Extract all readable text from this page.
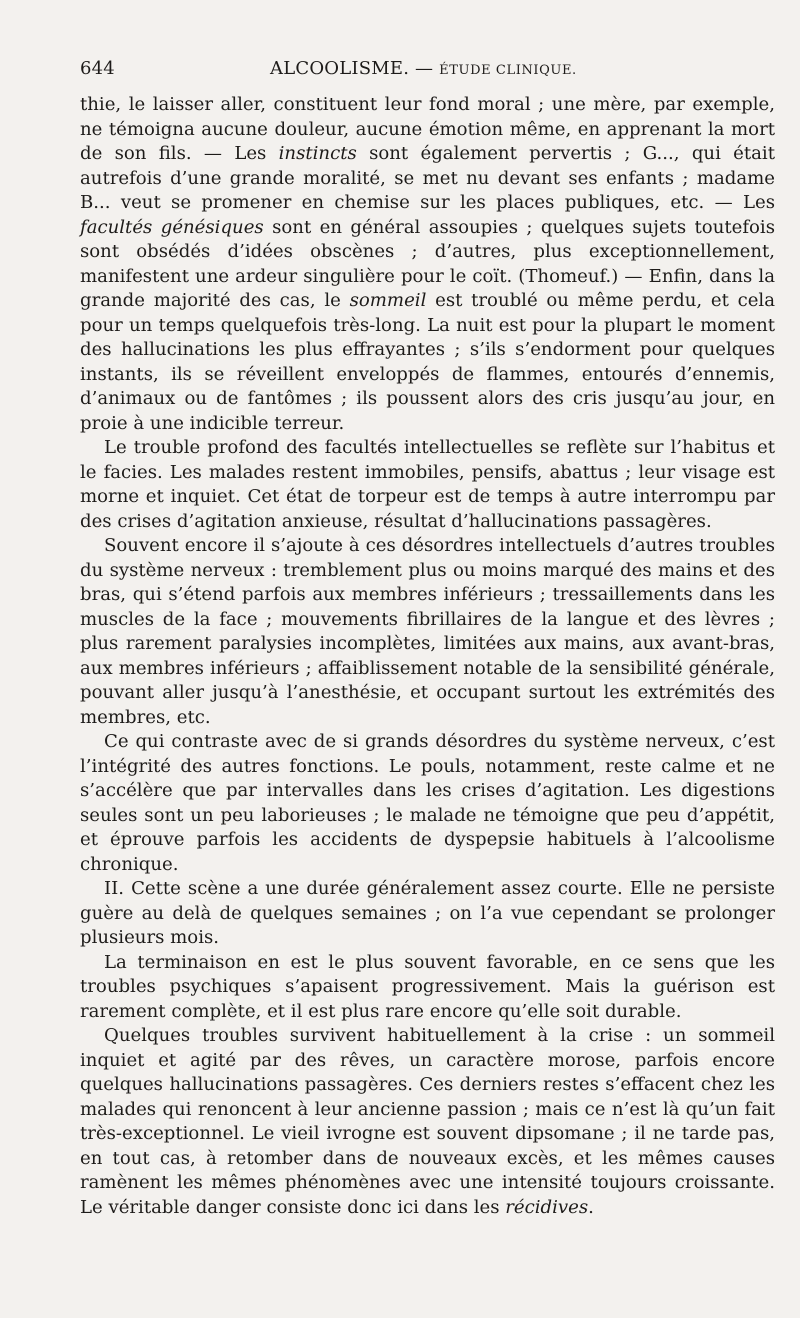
644	ALCOOLISME. — ÉTUDE CLINIQUE.

thie, le laisser aller, constituent leur fond moral ; une mère, par exemple, ne témoigna aucune douleur, aucune émotion même, en apprenant la mort de son fils. — Les instincts sont également pervertis ; G..., qui était autrefois d’une grande moralité, se met nu devant ses enfants ; madame B... veut se promener en chemise sur les places publiques, etc. — Les facultés génésiques sont en général assoupies ; quelques sujets toutefois sont obsédés d’idées obscènes ; d’autres, plus exceptionnellement, manifestent une ardeur singulière pour le coït. (Thomeuf.) — Enfin, dans la grande majorité des cas, le sommeil est troublé ou même perdu, et cela pour un temps quelquefois très-long. La nuit est pour la plupart le moment des hallucinations les plus effrayantes ; s’ils s’endorment pour quelques instants, ils se réveillent enveloppés de flammes, entourés d’ennemis, d’animaux ou de fantômes ; ils poussent alors des cris jusqu’au jour, en proie à une indicible terreur.

Le trouble profond des facultés intellectuelles se reflète sur l’habitus et le facies. Les malades restent immobiles, pensifs, abattus ; leur visage est morne et inquiet. Cet état de torpeur est de temps à autre interrompu par des crises d’agitation anxieuse, résultat d’hallucinations passagères.

Souvent encore il s’ajoute à ces désordres intellectuels d’autres troubles du système nerveux : tremblement plus ou moins marqué des mains et des bras, qui s’étend parfois aux membres inférieurs ; tressaillements dans les muscles de la face ; mouvements fibrillaires de la langue et des lèvres ; plus rarement paralysies incomplètes, limitées aux mains, aux avant-bras, aux membres inférieurs ; affaiblissement notable de la sensibilité générale, pouvant aller jusqu’à l’anesthésie, et occupant surtout les extrémités des membres, etc.

Ce qui contraste avec de si grands désordres du système nerveux, c’est l’intégrité des autres fonctions. Le pouls, notamment, reste calme et ne s’accélère que par intervalles dans les crises d’agitation. Les digestions seules sont un peu laborieuses ; le malade ne témoigne que peu d’appétit, et éprouve parfois les accidents de dyspepsie habituels à l’alcoolisme chronique.

II. Cette scène a une durée généralement assez courte. Elle ne persiste guère au delà de quelques semaines ; on l’a vue cependant se prolonger plusieurs mois.

La terminaison en est le plus souvent favorable, en ce sens que les troubles psychiques s’apaisent progressivement. Mais la guérison est rarement complète, et il est plus rare encore qu’elle soit durable.

Quelques troubles survivent habituellement à la crise : un sommeil inquiet et agité par des rêves, un caractère morose, parfois encore quelques hallucinations passagères. Ces derniers restes s’effacent chez les malades qui renoncent à leur ancienne passion ; mais ce n’est là qu’un fait très-exceptionnel. Le vieil ivrogne est souvent dipsomane ; il ne tarde pas, en tout cas, à retomber dans de nouveaux excès, et les mêmes causes ramènent les mêmes phénomènes avec une intensité toujours croissante. Le véritable danger consiste donc ici dans les récidives.
